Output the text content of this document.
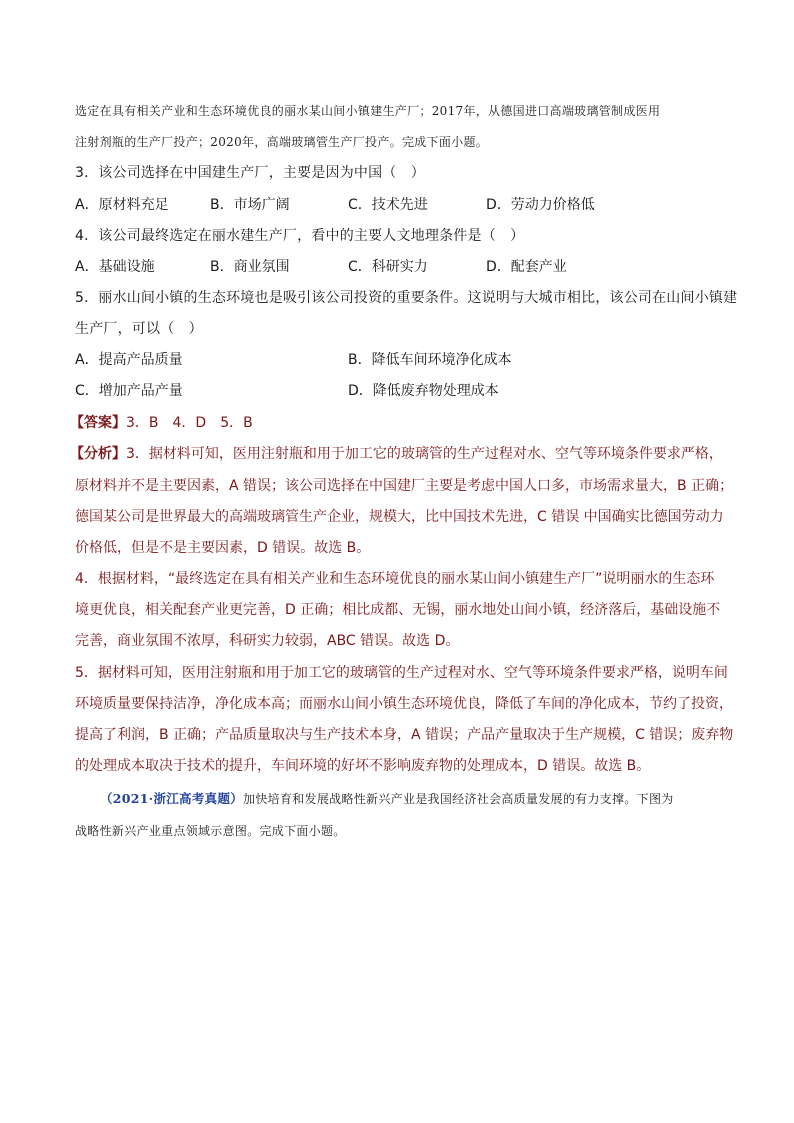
选定在具有相关产业和生态环境优良的丽水某山间小镇建生产厂；2017年，从德国进口高端玻璃管制成医用
注射剂瓶的生产厂投产；2020年，高端玻璃管生产厂投产。完成下面小题。
3．该公司选择在中国建生产厂，主要是因为中国（　）
A．原材料充足	B．市场广阔	C．技术先进	D．劳动力价格低
4．该公司最终选定在丽水建生产厂，看中的主要人文地理条件是（　）
A．基础设施	B．商业氛围	C．科研实力	D．配套产业
5．丽水山间小镇的生态环境也是吸引该公司投资的重要条件。这说明与大城市相比，该公司在山间小镇建
生产厂，可以（　）
A．提高产品质量	B．降低车间环境净化成本
C．增加产品产量	D．降低废弃物处理成本
【答案】3．B　4．D　5．B
【分析】3．据材料可知，医用注射瓶和用于加工它的玻璃管的生产过程对水、空气等环境条件要求严格，
原材料并不是主要因素，A 错误；该公司选择在中国建厂主要是考虑中国人口多，市场需求量大，B 正确；
德国某公司是世界最大的高端玻璃管生产企业，规模大，比中国技术先进，C 错误 中国确实比德国劳动力
价格低，但是不是主要因素，D 错误。故选 B。
4．根据材料，“最终选定在具有相关产业和生态环境优良的丽水某山间小镇建生产厂”说明丽水的生态环
境更优良，相关配套产业更完善，D 正确；相比成都、无锡，丽水地处山间小镇，经济落后，基础设施不
完善，商业氛围不浓厚，科研实力较弱，ABC 错误。故选 D。
5．据材料可知，医用注射瓶和用于加工它的玻璃管的生产过程对水、空气等环境条件要求严格，说明车间
环境质量要保持洁净，净化成本高；而丽水山间小镇生态环境优良，降低了车间的净化成本，节约了投资，
提高了利润，B 正确；产品质量取决与生产技术本身，A 错误；产品产量取决于生产规模，C 错误；废弃物
的处理成本取决于技术的提升，车间环境的好坏不影响废弃物的处理成本，D 错误。故选 B。
（2021·浙江高考真题）加快培育和发展战略性新兴产业是我国经济社会高质量发展的有力支撑。下图为
战略性新兴产业重点领域示意图。完成下面小题。
